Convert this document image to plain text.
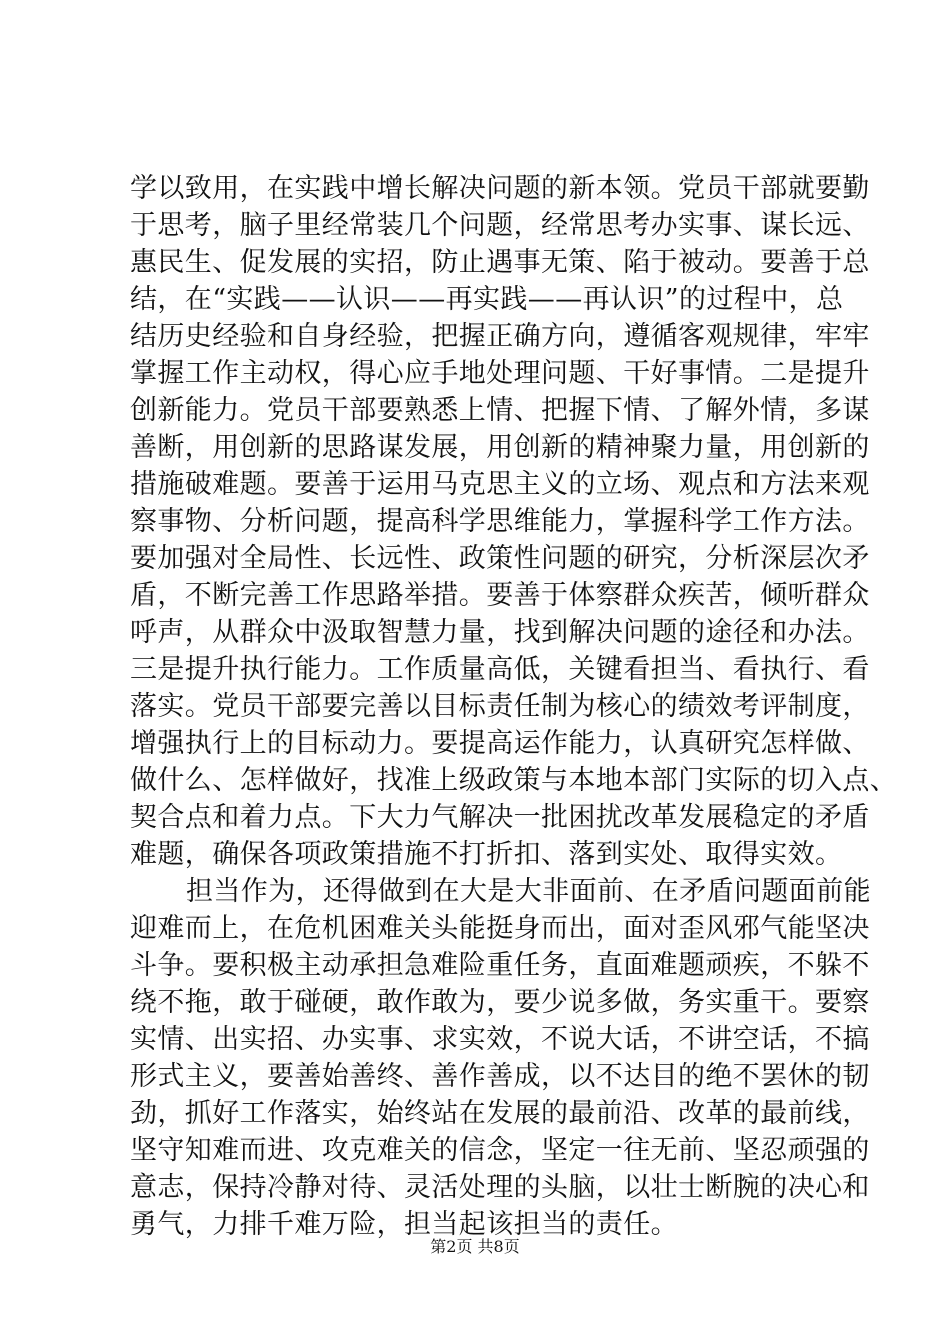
学以致用，在实践中增长解决问题的新本领。党员干部就要勤
于思考，脑子里经常装几个问题，经常思考办实事、谋长远、
惠民生、促发展的实招，防止遇事无策、陷于被动。要善于总
结，在“实践——认识——再实践——再认识”的过程中，总
结历史经验和自身经验，把握正确方向，遵循客观规律，牢牢
掌握工作主动权，得心应手地处理问题、干好事情。二是提升
创新能力。党员干部要熟悉上情、把握下情、了解外情，多谋
善断，用创新的思路谋发展，用创新的精神聚力量，用创新的
措施破难题。要善于运用马克思主义的立场、观点和方法来观
察事物、分析问题，提高科学思维能力，掌握科学工作方法。
要加强对全局性、长远性、政策性问题的研究，分析深层次矛
盾，不断完善工作思路举措。要善于体察群众疾苦，倾听群众
呼声，从群众中汲取智慧力量，找到解决问题的途径和办法。
三是提升执行能力。工作质量高低，关键看担当、看执行、看
落实。党员干部要完善以目标责任制为核心的绩效考评制度，
增强执行上的目标动力。要提高运作能力，认真研究怎样做、
做什么、怎样做好，找准上级政策与本地本部门实际的切入点、
契合点和着力点。下大力气解决一批困扰改革发展稳定的矛盾
难题，确保各项政策措施不打折扣、落到实处、取得实效。
担当作为，还得做到在大是大非面前、在矛盾问题面前能
迎难而上，在危机困难关头能挺身而出，面对歪风邪气能坚决
斗争。要积极主动承担急难险重任务，直面难题顽疾，不躲不
绕不拖，敢于碰硬，敢作敢为，要少说多做，务实重干。要察
实情、出实招、办实事、求实效，不说大话，不讲空话，不搞
形式主义，要善始善终、善作善成，以不达目的绝不罢休的韧
劲，抓好工作落实，始终站在发展的最前沿、改革的最前线，
坚守知难而进、攻克难关的信念，坚定一往无前、坚忍顽强的
意志，保持冷静对待、灵活处理的头脑，以壮士断腕的决心和
勇气，力排千难万险，担当起该担当的责任。
第2页 共8页
